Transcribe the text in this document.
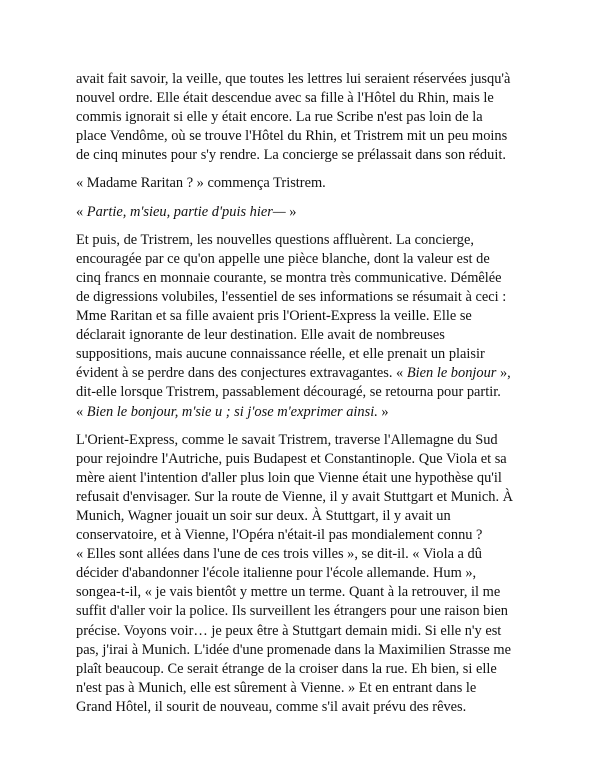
avait fait savoir, la veille, que toutes les lettres lui seraient réservées jusqu'à
nouvel ordre. Elle était descendue avec sa fille à l'Hôtel du Rhin, mais le
commis ignorait si elle y était encore. La rue Scribe n'est pas loin de la
place Vendôme, où se trouve l'Hôtel du Rhin, et Tristrem mit un peu moins
de cinq minutes pour s'y rendre. La concierge se prélassait dans son réduit.

« Madame Raritan ? » commença Tristrem.

« Partie, m'sieu, partie d'puis hier— »

Et puis, de Tristrem, les nouvelles questions affluèrent. La concierge,
encouragée par ce qu'on appelle une pièce blanche, dont la valeur est de
cinq francs en monnaie courante, se montra très communicative. Démêlée
de digressions volubiles, l'essentiel de ses informations se résumait à ceci :
Mme Raritan et sa fille avaient pris l'Orient-Express la veille. Elle se
déclarait ignorante de leur destination. Elle avait de nombreuses
suppositions, mais aucune connaissance réelle, et elle prenait un plaisir
évident à se perdre dans des conjectures extravagantes. « Bien le bonjour »,
dit-elle lorsque Tristrem, passablement découragé, se retourna pour partir.
« Bien le bonjour, m'sie u ; si j'ose m'exprimer ainsi. »

L'Orient-Express, comme le savait Tristrem, traverse l'Allemagne du Sud
pour rejoindre l'Autriche, puis Budapest et Constantinople. Que Viola et sa
mère aient l'intention d'aller plus loin que Vienne était une hypothèse qu'il
refusait d'envisager. Sur la route de Vienne, il y avait Stuttgart et Munich. À
Munich, Wagner jouait un soir sur deux. À Stuttgart, il y avait un
conservatoire, et à Vienne, l'Opéra n'était-il pas mondialement connu ?
« Elles sont allées dans l'une de ces trois villes », se dit-il. « Viola a dû
décider d'abandonner l'école italienne pour l'école allemande. Hum »,
songea-t-il, « je vais bientôt y mettre un terme. Quant à la retrouver, il me
suffit d'aller voir la police. Ils surveillent les étrangers pour une raison bien
précise. Voyons voir… je peux être à Stuttgart demain midi. Si elle n'y est
pas, j'irai à Munich. L'idée d'une promenade dans la Maximilien Strasse me
plaît beaucoup. Ce serait étrange de la croiser dans la rue. Eh bien, si elle
n'est pas à Munich, elle est sûrement à Vienne. » Et en entrant dans le
Grand Hôtel, il sourit de nouveau, comme s'il avait prévu des rêves.
